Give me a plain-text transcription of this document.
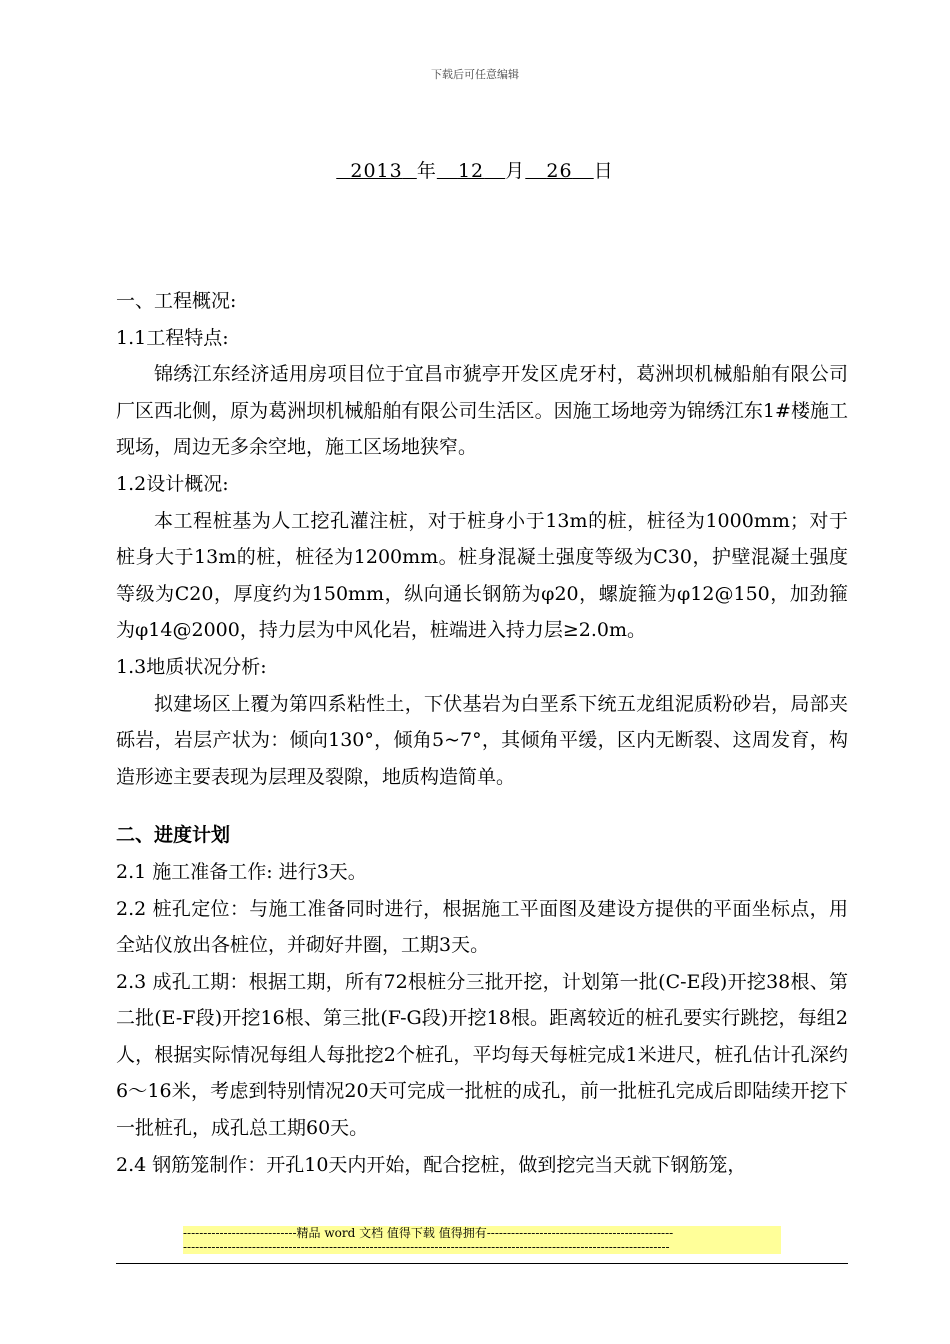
下载后可任意编辑
2013 年 12 月 26 日

一、工程概况:

1.1工程特点:

锦绣江东经济适用房项目位于宜昌市猇亭开发区虎牙村，葛洲坝机械船舶有限公司厂区西北侧，原为葛洲坝机械船舶有限公司生活区。因施工场地旁为锦绣江东1#楼施工现场，周边无多余空地，施工区场地狭窄。

1.2设计概况:

本工程桩基为人工挖孔灌注桩，对于桩身小于13m的桩，桩径为1000mm；对于桩身大于13m的桩，桩径为1200mm。桩身混凝土强度等级为C30，护壁混凝土强度等级为C20，厚度约为150mm，纵向通长钢筋为φ20，螺旋箍为φ12@150，加劲箍为φ14@2000，持力层为中风化岩，桩端进入持力层≥2.0m。

1.3地质状况分析:

拟建场区上覆为第四系粘性土，下伏基岩为白垩系下统五龙组泥质粉砂岩，局部夹砾岩，岩层产状为：倾向130°，倾角5~7°，其倾角平缓，区内无断裂、这周发育，构造形迹主要表现为层理及裂隙，地质构造简单。

二、进度计划

2.1 施工准备工作: 进行3天。

2.2 桩孔定位：与施工准备同时进行，根据施工平面图及建设方提供的平面坐标点，用全站仪放出各桩位，并砌好井圈，工期3天。

2.3 成孔工期：根据工期，所有72根桩分三批开挖，计划第一批(C-E段)开挖38根、第二批(E-F段)开挖16根、第三批(F-G段)开挖18根。距离较近的桩孔要实行跳挖，每组2人，根据实际情况每组人每批挖2个桩孔，平均每天每桩完成1米进尺，桩孔估计孔深约6～16米，考虑到特别情况20天可完成一批桩的成孔，前一批桩孔完成后即陆续开挖下一批桩孔，成孔总工期60天。

2.4 钢筋笼制作：开孔10天内开始，配合挖桩，做到挖完当天就下钢筋笼，

----------------------------精品 word 文档 值得下载 值得拥有----------------------------------------------
------------------------------------------------------------------------------------------------------------------------
